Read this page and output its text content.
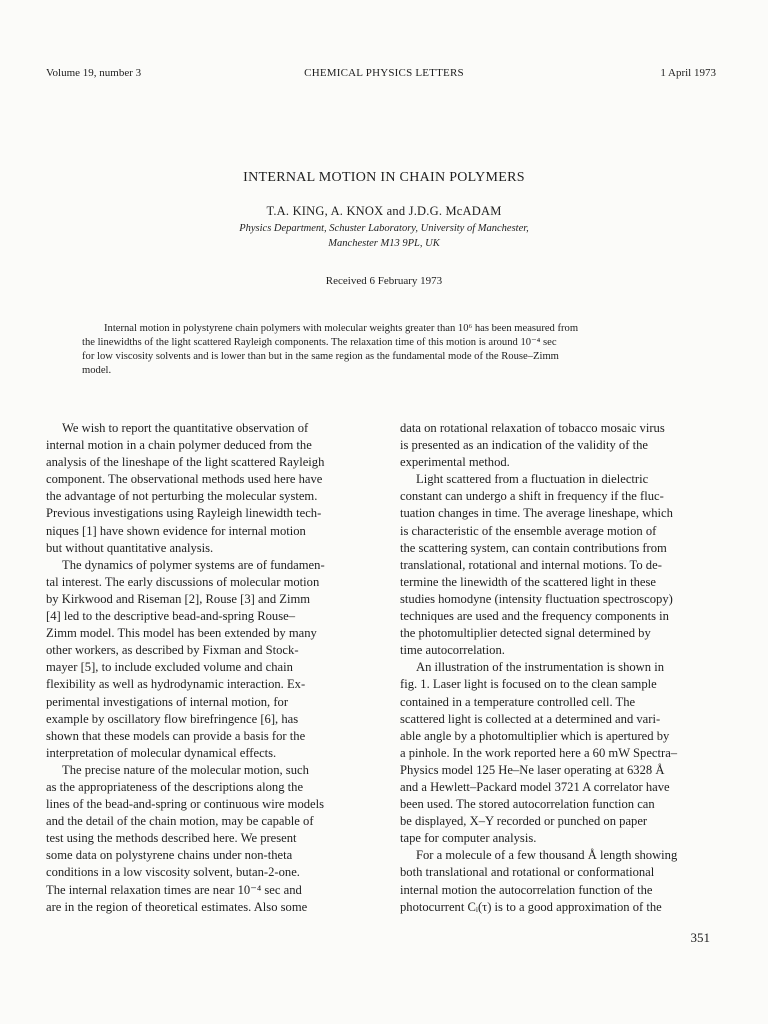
Volume 19, number 3	CHEMICAL PHYSICS LETTERS	1 April 1973
INTERNAL MOTION IN CHAIN POLYMERS
T.A. KING, A. KNOX and J.D.G. McADAM
Physics Department, Schuster Laboratory, University of Manchester,
Manchester M13 9PL, UK
Received 6 February 1973
Internal motion in polystyrene chain polymers with molecular weights greater than 10⁶ has been measured from
the linewidths of the light scattered Rayleigh components. The relaxation time of this motion is around 10⁻⁴ sec
for low viscosity solvents and is lower than but in the same region as the fundamental mode of the Rouse–Zimm
model.
We wish to report the quantitative observation of
internal motion in a chain polymer deduced from the
analysis of the lineshape of the light scattered Rayleigh
component. The observational methods used here have
the advantage of not perturbing the molecular system.
Previous investigations using Rayleigh linewidth tech-
niques [1] have shown evidence for internal motion
but without quantitative analysis.
The dynamics of polymer systems are of fundamen-
tal interest. The early discussions of molecular motion
by Kirkwood and Riseman [2], Rouse [3] and Zimm
[4] led to the descriptive bead-and-spring Rouse–
Zimm model. This model has been extended by many
other workers, as described by Fixman and Stock-
mayer [5], to include excluded volume and chain
flexibility as well as hydrodynamic interaction. Ex-
perimental investigations of internal motion, for
example by oscillatory flow birefringence [6], has
shown that these models can provide a basis for the
interpretation of molecular dynamical effects.
The precise nature of the molecular motion, such
as the appropriateness of the descriptions along the
lines of the bead-and-spring or continuous wire models
and the detail of the chain motion, may be capable of
test using the methods described here. We present
some data on polystyrene chains under non-theta
conditions in a low viscosity solvent, butan-2-one.
The internal relaxation times are near 10⁻⁴ sec and
are in the region of theoretical estimates. Also some
data on rotational relaxation of tobacco mosaic virus
is presented as an indication of the validity of the
experimental method.
Light scattered from a fluctuation in dielectric
constant can undergo a shift in frequency if the fluc-
tuation changes in time. The average lineshape, which
is characteristic of the ensemble average motion of
the scattering system, can contain contributions from
translational, rotational and internal motions. To de-
termine the linewidth of the scattered light in these
studies homodyne (intensity fluctuation spectroscopy)
techniques are used and the frequency components in
the photomultiplier detected signal determined by
time autocorrelation.
An illustration of the instrumentation is shown in
fig. 1. Laser light is focused on to the clean sample
contained in a temperature controlled cell. The
scattered light is collected at a determined and vari-
able angle by a photomultiplier which is apertured by
a pinhole. In the work reported here a 60 mW Spectra–
Physics model 125 He–Ne laser operating at 6328 Å
and a Hewlett–Packard model 3721 A correlator have
been used. The stored autocorrelation function can
be displayed, X–Y recorded or punched on paper
tape for computer analysis.
For a molecule of a few thousand Å length showing
both translational and rotational or conformational
internal motion the autocorrelation function of the
photocurrent Cᵢ(τ) is to a good approximation of the
351
